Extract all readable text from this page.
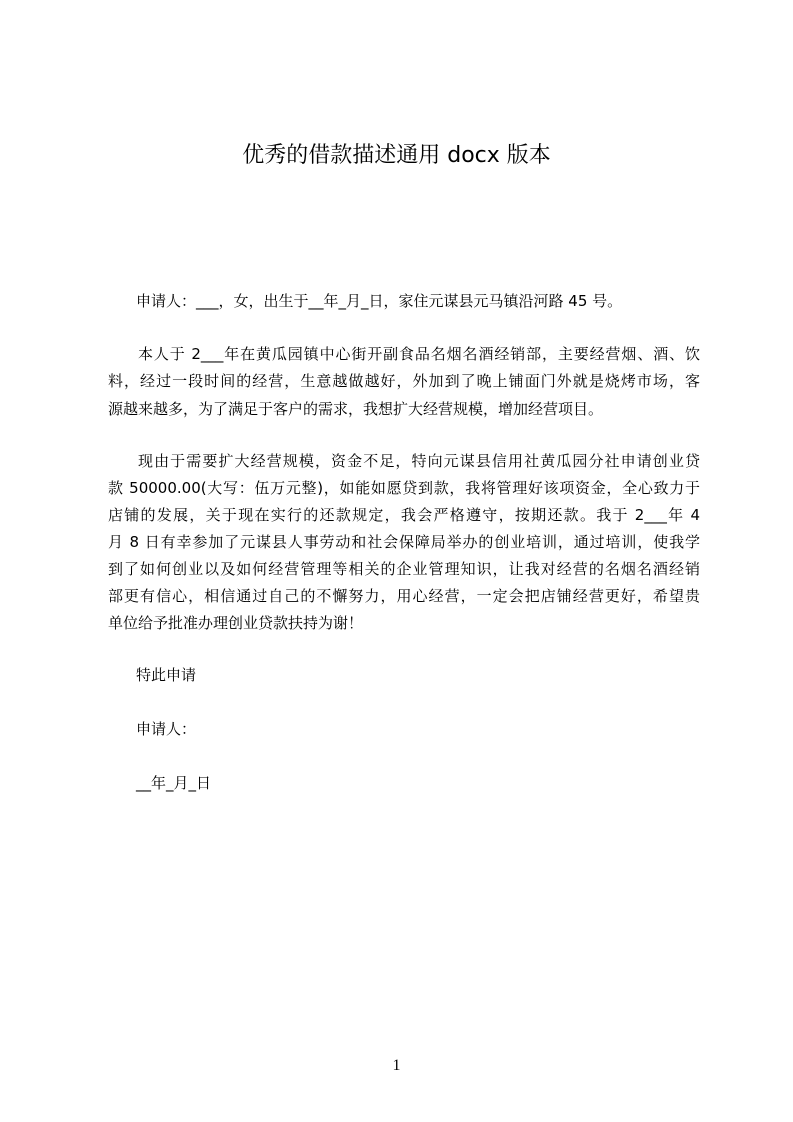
优秀的借款描述通用 docx 版本
申请人：___，女，出生于__年_月_日，家住元谋县元马镇沿河路 45 号。
本人于 2___年在黄瓜园镇中心街开副食品名烟名酒经销部，主要经营烟、酒、饮
料，经过一段时间的经营，生意越做越好，外加到了晚上铺面门外就是烧烤市场，客
源越来越多，为了满足于客户的需求，我想扩大经营规模，增加经营项目。
现由于需要扩大经营规模，资金不足，特向元谋县信用社黄瓜园分社申请创业贷
款 50000.00(大写：伍万元整)，如能如愿贷到款，我将管理好该项资金，全心致力于
店铺的发展，关于现在实行的还款规定，我会严格遵守，按期还款。我于 2___年 4
月 8 日有幸参加了元谋县人事劳动和社会保障局举办的创业培训，通过培训，使我学
到了如何创业以及如何经营管理等相关的企业管理知识，让我对经营的名烟名酒经销
部更有信心，相信通过自己的不懈努力，用心经营，一定会把店铺经营更好，希望贵
单位给予批准办理创业贷款扶持为谢！
特此申请
申请人：
__年_月_日
1
